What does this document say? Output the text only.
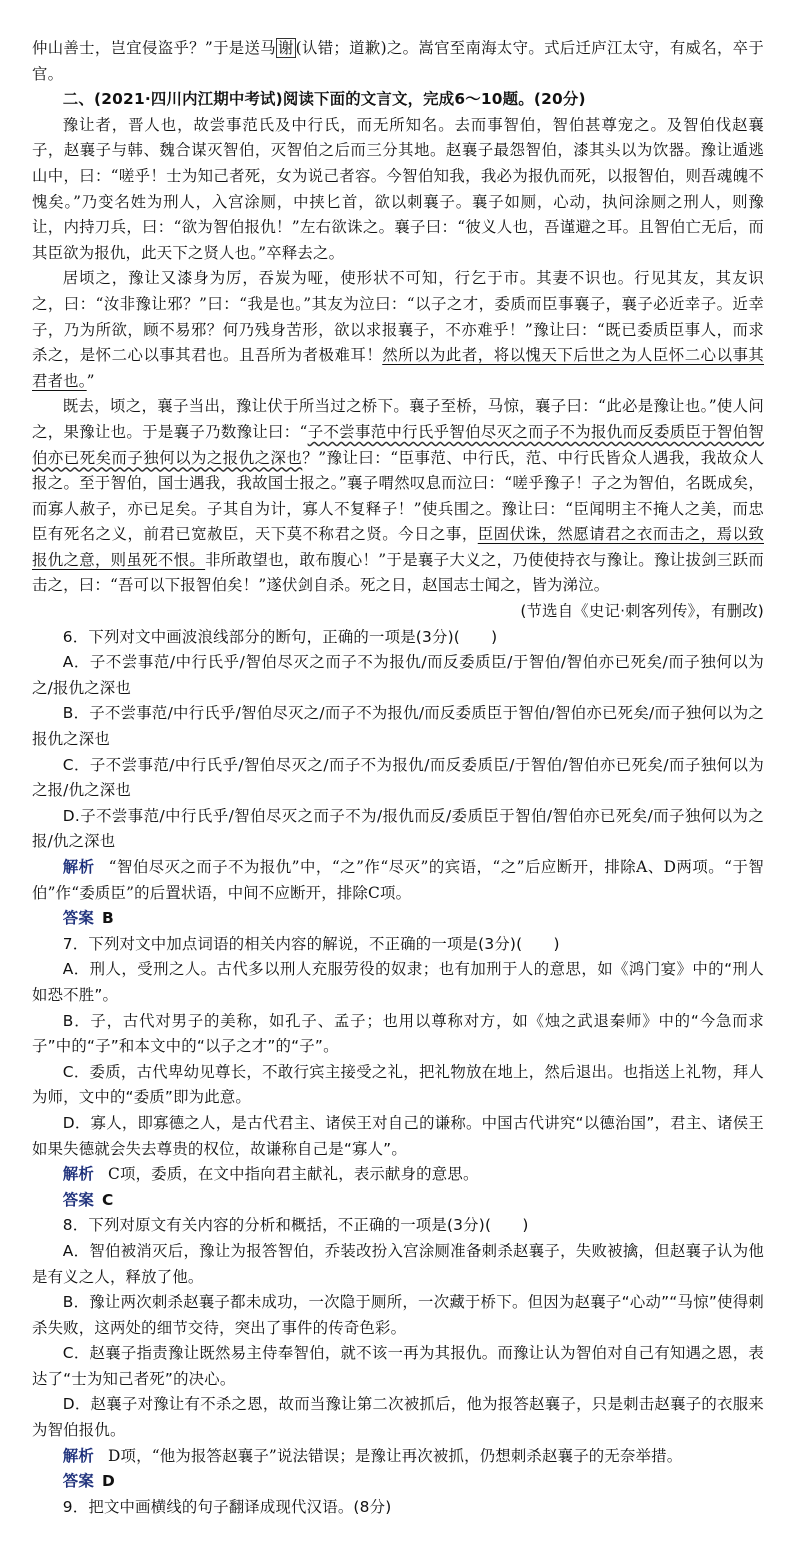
仲山善士，岂宜侵盗乎？”于是送马 谢 (认错；道歉)之。嵩官至南海太守。式后迁庐江太守，有威名，卒于官。

二、(2021·四川内江期中考试)阅读下面的文言文，完成6～10题。(20分)

豫让者，晋人也，故尝事范氏及中行氏，而无所知名。去而事智伯，智伯甚尊宠之。及智伯伐赵襄子，赵襄子与韩、魏合谋灭智伯，灭智伯之后而三分其地。赵襄子最怨智伯，漆其头以为饮器。豫让遁逃山中，曰：“嗟乎！士为知己者死，女为说己者容。今智伯知我，我必为报仇而死，以报智伯，则吾魂魄不愧矣。”乃变名姓为刑人，入宫涂厕，中挟匕首，欲以刺襄子。襄子如厕，心动，执问涂厕之刑人，则豫让，内持刀兵，曰：“欲为智伯报仇！”左右欲诛之。襄子曰：“彼义人也，吾谨避之耳。且智伯亡无后，而其臣欲为报仇，此天下之贤人也。”卒释去之。

居顷之，豫让又漆身为厉，吞炭为哑，使形状不可知，行乞于市。其妻不识也。行见其友，其友识之，曰：“汝非豫让邪？”曰：“我是也。”其友为泣曰：“以子之才，委质而臣事襄子，襄子必近幸子。近幸子，乃为所欲，顾不易邪？何乃残身苦形，欲以求报襄子，不亦难乎！”豫让曰：“既已委质臣事人，而求杀之，是怀二心以事其君也。且吾所为者极难耳！然所以为此者，将以愧天下后世之为人臣怀二心以事其君者也。”

既去，顷之，襄子当出，豫让伏于所当过之桥下。襄子至桥，马惊，襄子曰：“此必是豫让也。”使人问之，果豫让也。于是襄子乃数豫让曰：“子不尝事范中行氏乎智伯尽灭之而子不为报仇而反委质臣于智伯智伯亦已死矣而子独何以为之报仇之深也？”豫让曰：“臣事范、中行氏，范、中行氏皆众人遇我，我故众人报之。至于智伯，国士遇我，我故国士报之。”襄子喟然叹息而泣曰：“嗟乎豫子！子之为智伯，名既成矣，而寡人赦子，亦已足矣。子其自为计，寡人不复释子！”使兵围之。豫让曰：“臣闻明主不掩人之美，而忠臣有死名之义，前君已宽赦臣，天下莫不称君之贤。今日之事，臣固伏诛，然愿请君之衣而击之，焉以致报仇之意，则虽死不恨。非所敢望也，敢布腹心！”于是襄子大义之，乃使使持衣与豫让。豫让拔剑三跃而击之，曰：“吾可以下报智伯矣！”遂伏剑自杀。死之日，赵国志士闻之，皆为涕泣。

(节选自《史记·刺客列传》，有删改)

6．下列对文中画波浪线部分的断句，正确的一项是(3分)(　　)

A．子不尝事范/中行氏乎/智伯尽灭之而子不为报仇/而反委质臣/于智伯/智伯亦已死矣/而子独何以为之/报仇之深也

B．子不尝事范/中行氏乎/智伯尽灭之/而子不为报仇/而反委质臣于智伯/智伯亦已死矣/而子独何以为之报仇之深也

C．子不尝事范/中行氏乎/智伯尽灭之/而子不为报仇/而反委质臣/于智伯/智伯亦已死矣/而子独何以为之报/仇之深也

D.子不尝事范/中行氏乎/智伯尽灭之而子不为/报仇而反/委质臣于智伯/智伯亦已死矣/而子独何以为之报/仇之深也

解析 “智伯尽灭之而子不为报仇”中，“之”作“尽灭”的宾语，“之”后应断开，排除A、D两项。“于智伯”作“委质臣”的后置状语，中间不应断开，排除C项。

答案 B

7．下列对文中加点词语的相关内容的解说，不正确的一项是(3分)(　　)

A．刑人，受刑之人。古代多以刑人充服劳役的奴隶；也有加刑于人的意思，如《鸿门宴》中的“刑人如恐不胜”。

B．子，古代对男子的美称，如孔子、孟子；也用以尊称对方，如《烛之武退秦师》中的“今急而求子”中的“子”和本文中的“以子之才”的“子”。

C．委质，古代卑幼见尊长，不敢行宾主接受之礼，把礼物放在地上，然后退出。也指送上礼物，拜人为师，文中的“委质”即为此意。

D．寡人，即寡德之人，是古代君主、诸侯王对自己的谦称。中国古代讲究“以德治国”，君主、诸侯王如果失德就会失去尊贵的权位，故谦称自己是“寡人”。

解析 C项，委质，在文中指向君主献礼，表示献身的意思。

答案 C

8．下列对原文有关内容的分析和概括，不正确的一项是(3分)(　　)

A．智伯被消灭后，豫让为报答智伯，乔装改扮入宫涂厕准备刺杀赵襄子，失败被擒，但赵襄子认为他是有义之人，释放了他。

B．豫让两次刺杀赵襄子都未成功，一次隐于厕所，一次藏于桥下。但因为赵襄子“心动”“马惊”使得刺杀失败，这两处的细节交待，突出了事件的传奇色彩。

C．赵襄子指责豫让既然易主侍奉智伯，就不该一再为其报仇。而豫让认为智伯对自己有知遇之恩，表达了“士为知己者死”的决心。

D．赵襄子对豫让有不杀之恩，故而当豫让第二次被抓后，他为报答赵襄子，只是刺击赵襄子的衣服来为智伯报仇。

解析 D项，“他为报答赵襄子”说法错误；是豫让再次被抓，仍想刺杀赵襄子的无奈举措。

答案 D

9．把文中画横线的句子翻译成现代汉语。(8分)
